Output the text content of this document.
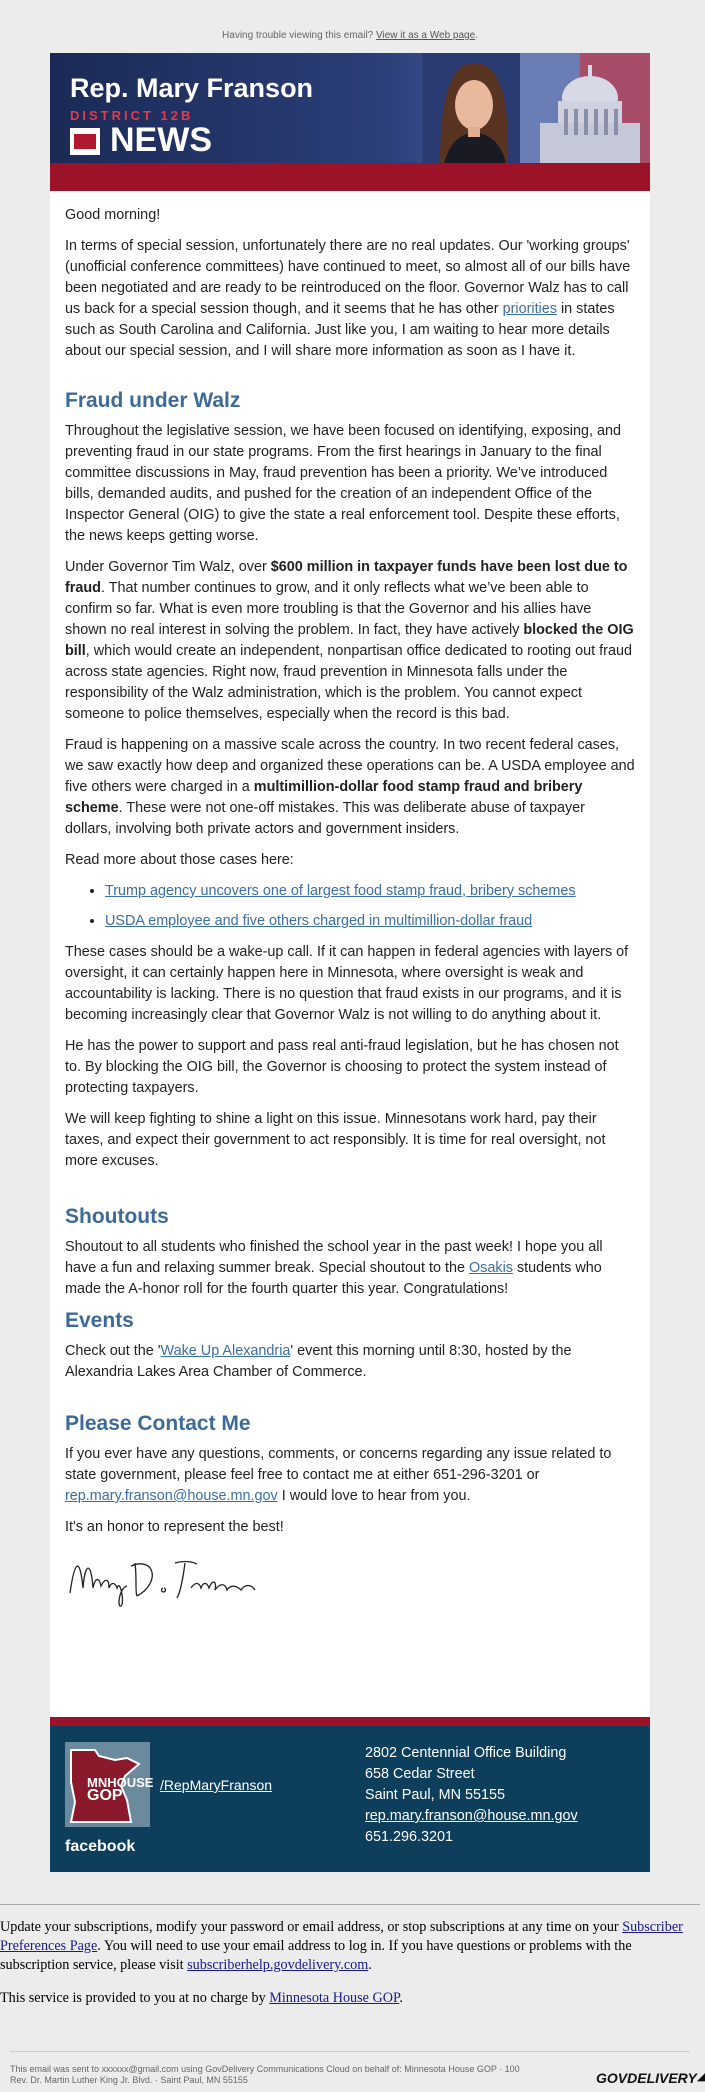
Having trouble viewing this email? View it as a Web page.
Rep. Mary Franson
DISTRICT 12B
NEWS

Good morning!

In terms of special session, unfortunately there are no real updates. Our 'working groups' (unofficial conference committees) have continued to meet, so almost all of our bills have been negotiated and are ready to be reintroduced on the floor. Governor Walz has to call us back for a special session though, and it seems that he has other priorities in states such as South Carolina and California. Just like you, I am waiting to hear more details about our special session, and I will share more information as soon as I have it.

Fraud under Walz

Throughout the legislative session, we have been focused on identifying, exposing, and preventing fraud in our state programs. From the first hearings in January to the final committee discussions in May, fraud prevention has been a priority. We’ve introduced bills, demanded audits, and pushed for the creation of an independent Office of the Inspector General (OIG) to give the state a real enforcement tool. Despite these efforts, the news keeps getting worse.

Under Governor Tim Walz, over $600 million in taxpayer funds have been lost due to fraud. That number continues to grow, and it only reflects what we’ve been able to confirm so far. What is even more troubling is that the Governor and his allies have shown no real interest in solving the problem. In fact, they have actively blocked the OIG bill, which would create an independent, nonpartisan office dedicated to rooting out fraud across state agencies. Right now, fraud prevention in Minnesota falls under the responsibility of the Walz administration, which is the problem. You cannot expect someone to police themselves, especially when the record is this bad.

Fraud is happening on a massive scale across the country. In two recent federal cases, we saw exactly how deep and organized these operations can be. A USDA employee and five others were charged in a multimillion-dollar food stamp fraud and bribery scheme. These were not one-off mistakes. This was deliberate abuse of taxpayer dollars, involving both private actors and government insiders.

Read more about those cases here:

• Trump agency uncovers one of largest food stamp fraud, bribery schemes
• USDA employee and five others charged in multimillion-dollar fraud

These cases should be a wake-up call. If it can happen in federal agencies with layers of oversight, it can certainly happen here in Minnesota, where oversight is weak and accountability is lacking. There is no question that fraud exists in our programs, and it is becoming increasingly clear that Governor Walz is not willing to do anything about it.

He has the power to support and pass real anti-fraud legislation, but he has chosen not to. By blocking the OIG bill, the Governor is choosing to protect the system instead of protecting taxpayers.

We will keep fighting to shine a light on this issue. Minnesotans work hard, pay their taxes, and expect their government to act responsibly. It is time for real oversight, not more excuses.

Shoutouts

Shoutout to all students who finished the school year in the past week! I hope you all have a fun and relaxing summer break. Special shoutout to the Osakis students who made the A-honor roll for the fourth quarter this year. Congratulations!

Events

Check out the 'Wake Up Alexandria' event this morning until 8:30, hosted by the Alexandria Lakes Area Chamber of Commerce.

Please Contact Me

If you ever have any questions, comments, or concerns regarding any issue related to state government, please feel free to contact me at either 651-296-3201 or rep.mary.franson@house.mn.gov I would love to hear from you.

It's an honor to represent the best!

MNHOUSE
GOP
facebook
/RepMaryFranson
2802 Centennial Office Building
658 Cedar Street
Saint Paul, MN 55155
rep.mary.franson@house.mn.gov
651.296.3201

Update your subscriptions, modify your password or email address, or stop subscriptions at any time on your Subscriber Preferences Page. You will need to use your email address to log in. If you have questions or problems with the subscription service, please visit subscriberhelp.govdelivery.com.

This service is provided to you at no charge by Minnesota House GOP.

This email was sent to xxxxxx@gmail.com using GovDelivery Communications Cloud on behalf of: Minnesota House GOP · 100
Rev. Dr. Martin Luther King Jr. Blvd. · Saint Paul, MN 55155	GOVDELIVERY◢
